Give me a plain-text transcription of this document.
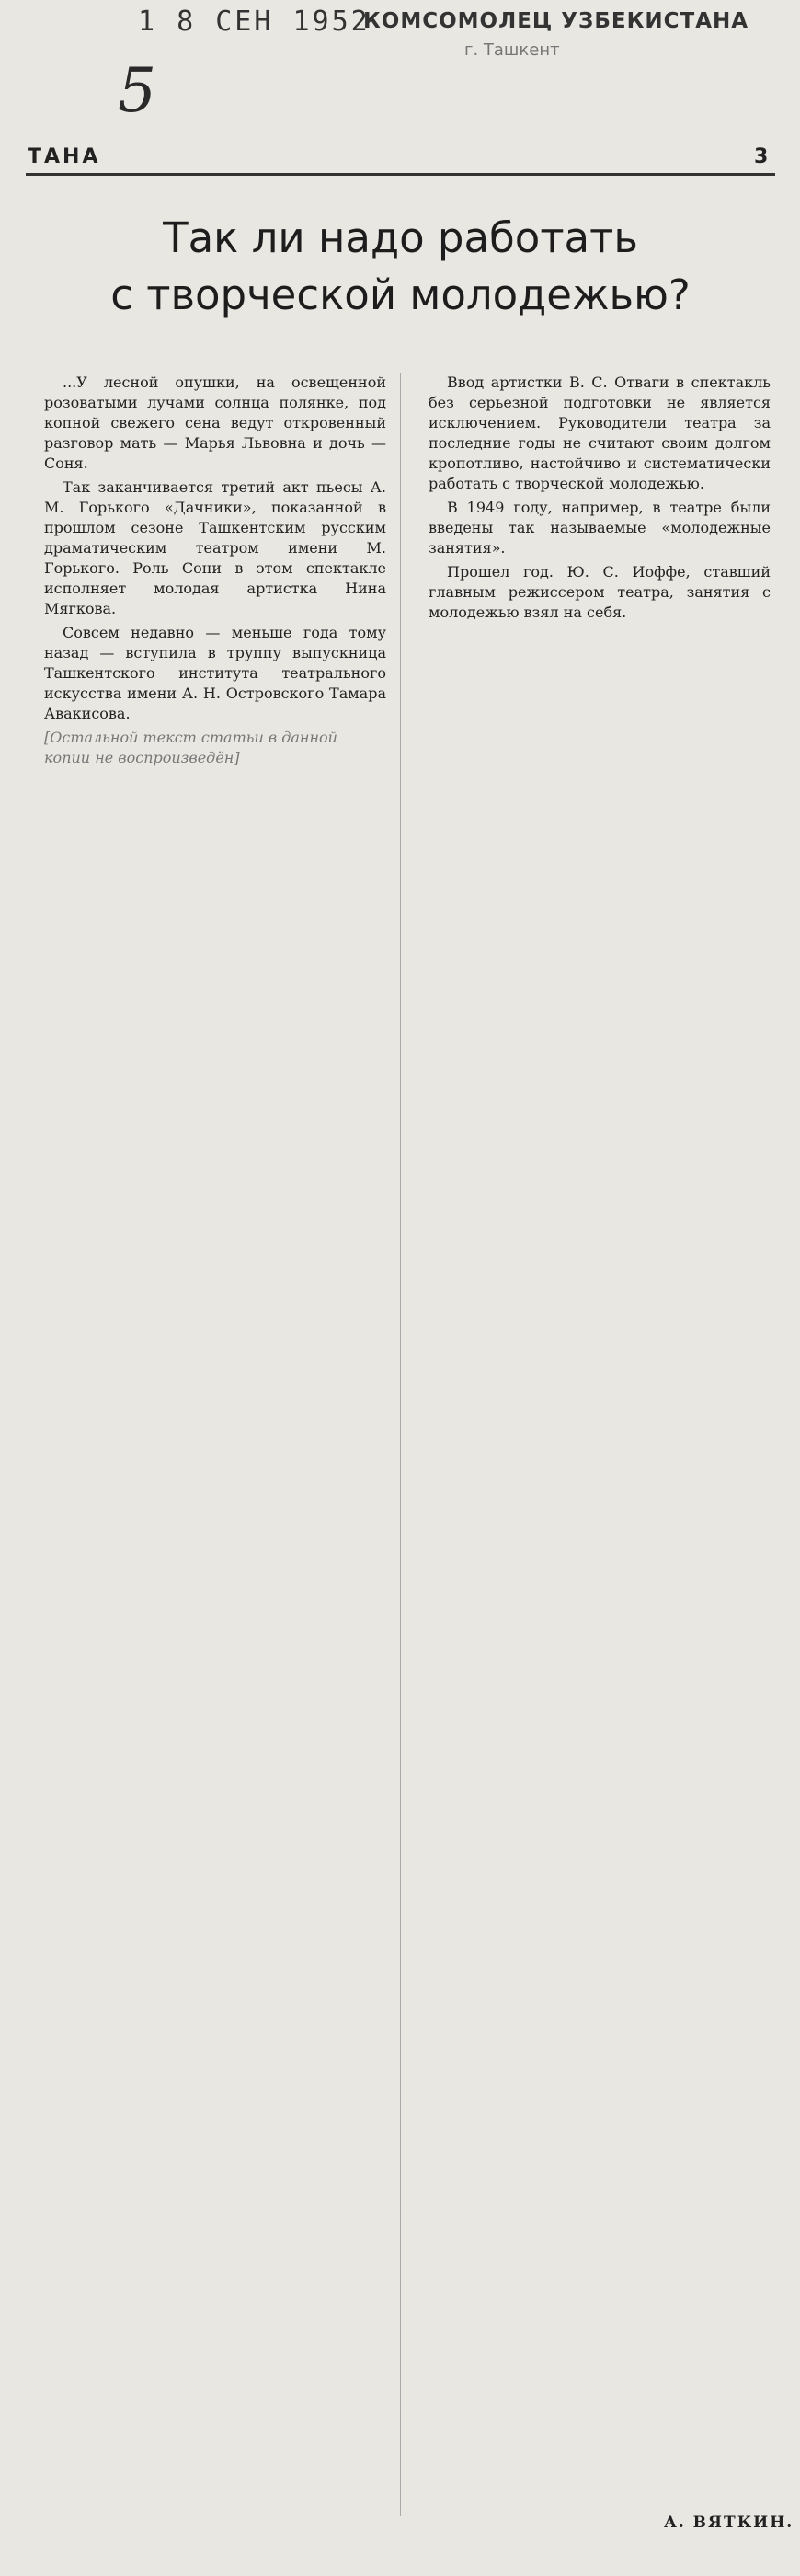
1 8 СЕН 1952
КОМСОМОЛЕЦ УЗБЕКИСТАНА
г. Ташкент
5
ТАНА	3
Так ли надо работать
с творческой молодежью?

...У лесной опушки, на освещенной розоватыми лучами солнца полянке, под копной свежего сена ведут откровенный разговор мать — Марья Львовна и дочь — Соня.

Так заканчивается третий акт пьесы А. М. Горького «Дачники», показанной в прошлом сезоне Ташкентским русским драматическим театром имени М. Горького. Роль Сони в этом спектакле исполняет молодая артистка Нина Мягкова.

Совсем недавно — меньше года тому назад — вступила в труппу выпускница Ташкентского института театрального искусства имени А. Н. Островского Тамара Авакисова.

[Остальной текст статьи в данной копии не воспроизведён]

Ввод артистки В. С. Отваги в спектакль без серьезной подготовки не является исключением. Руководители театра за последние годы не считают своим долгом кропотливо, настойчиво и систематически работать с творческой молодежью.

В 1949 году, например, в театре были введены так называемые «молодежные занятия».

Прошел год. Ю. С. Иоффе, ставший главным режиссером театра, занятия с молодежью взял на себя.

А. ВЯТКИН.
